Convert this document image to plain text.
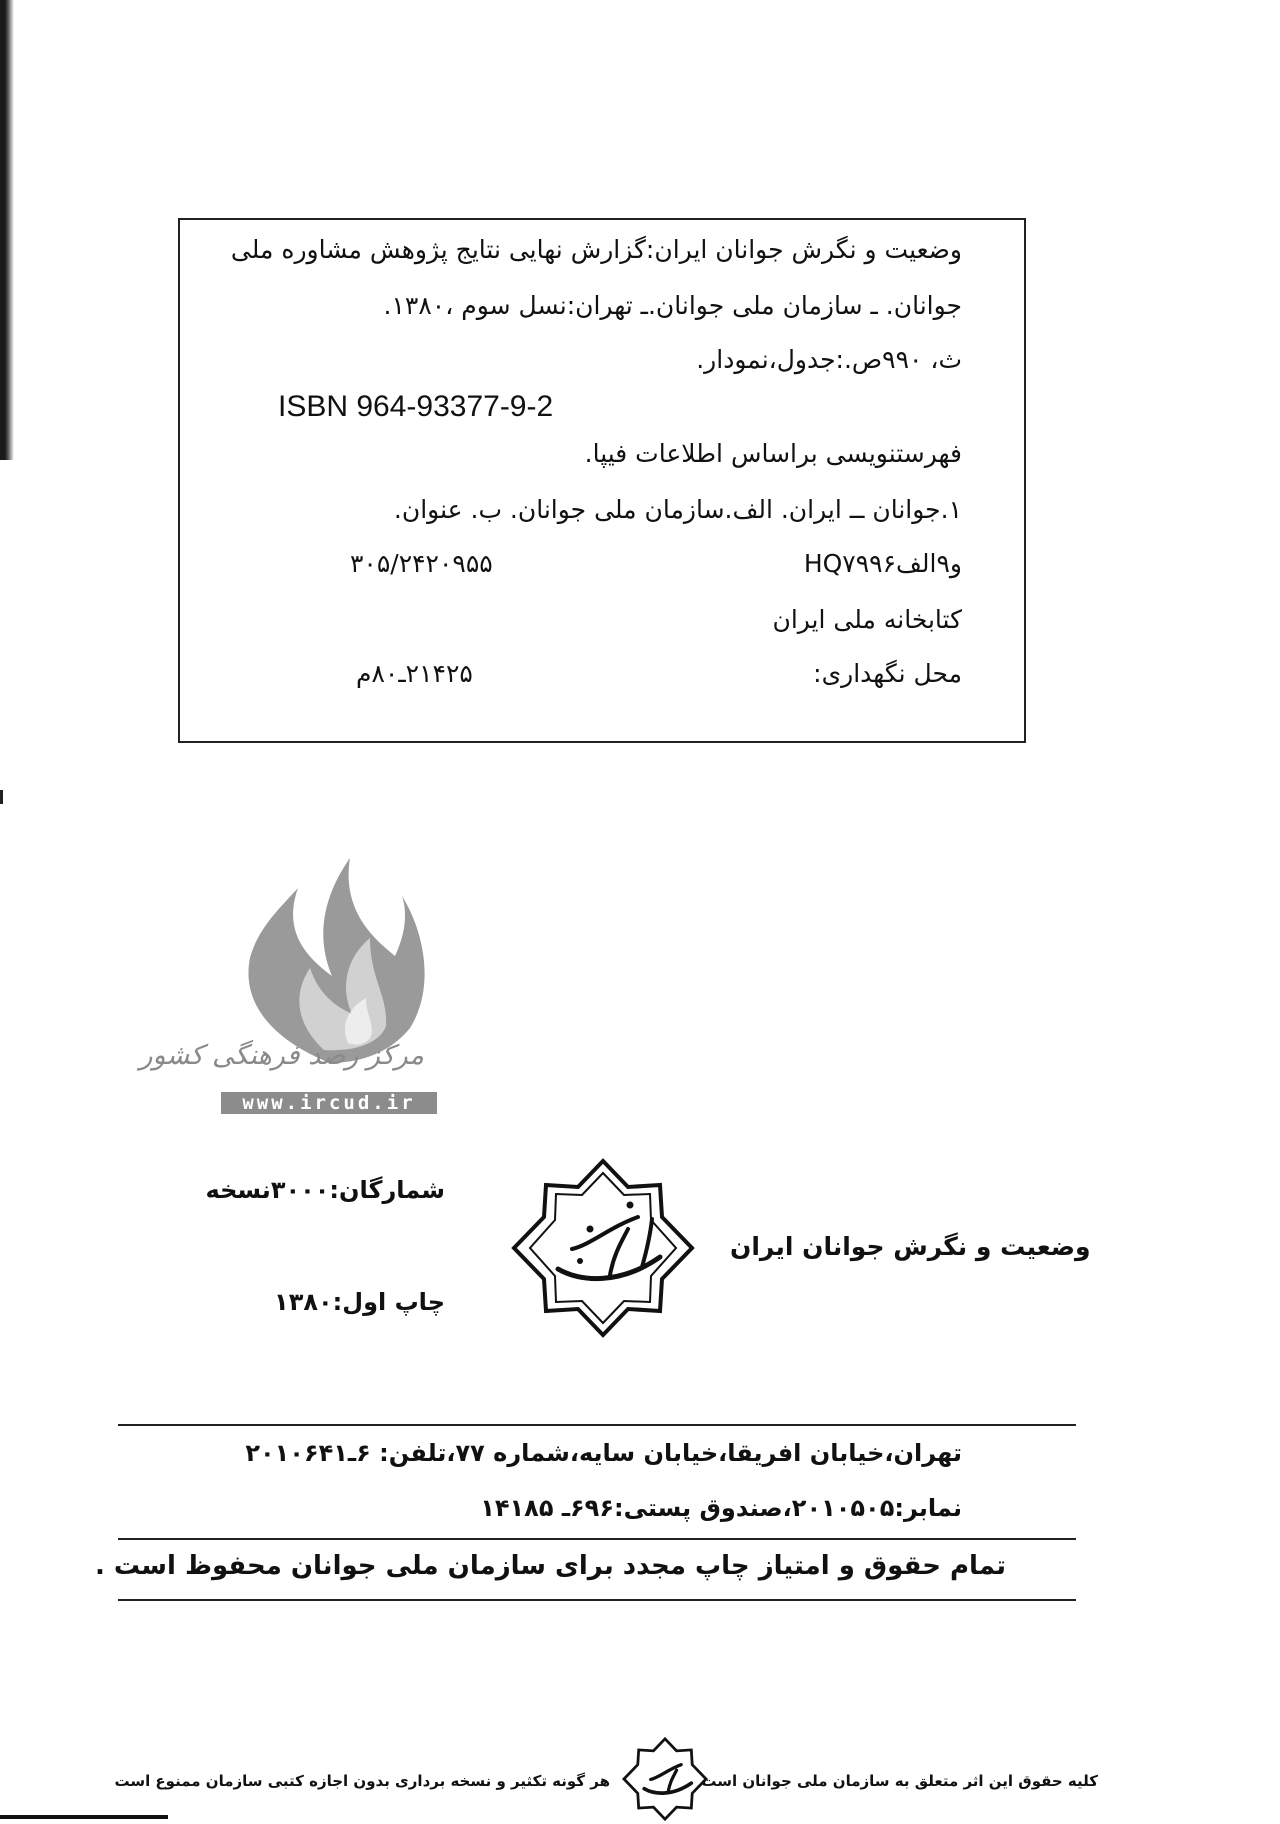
وضعیت و نگرش جوانان ایران:گزارش نهایی نتایج پژوهش مشاوره ملی
جوانان. ـ سازمان ملی جوانان.ـ تهران:نسل سوم ،۱۳۸۰.
ث، ۹۹۰ص.:جدول،نمودار.
ISBN 964-93377-9-2
فهرستنویسی براساس اطلاعات فیپا.
۱.جوانان ــ ایران. الف.سازمان ملی جوانان. ب. عنوان.
HQ۷۹۹و۹الف۶
۳۰۵/۲۴۲۰۹۵۵
کتابخانه ملی ایران
محل نگهداری:
۲۱۴۲۵ـ۸۰م
مرکز رصد فرهنگی کشور
www.ircud.ir
شمارگان:۳۰۰۰نسخه
چاپ اول:۱۳۸۰
وضعیت و نگرش جوانان ایران
تهران،خیابان افریقا،خیابان سایه،شماره ۷۷،تلفن: ۶ـ۲۰۱۰۶۴۱
نمابر:۲۰۱۰۵۰۵،صندوق پستی:۶۹۶ـ ۱۴۱۸۵
تمام حقوق و امتیاز چاپ مجدد برای سازمان ملی جوانان محفوظ است .
کلیه حقوق این اثر متعلق به سازمان ملی جوانان است
هر گونه تکثیر و نسخه برداری بدون اجازه کتبی سازمان ممنوع است
